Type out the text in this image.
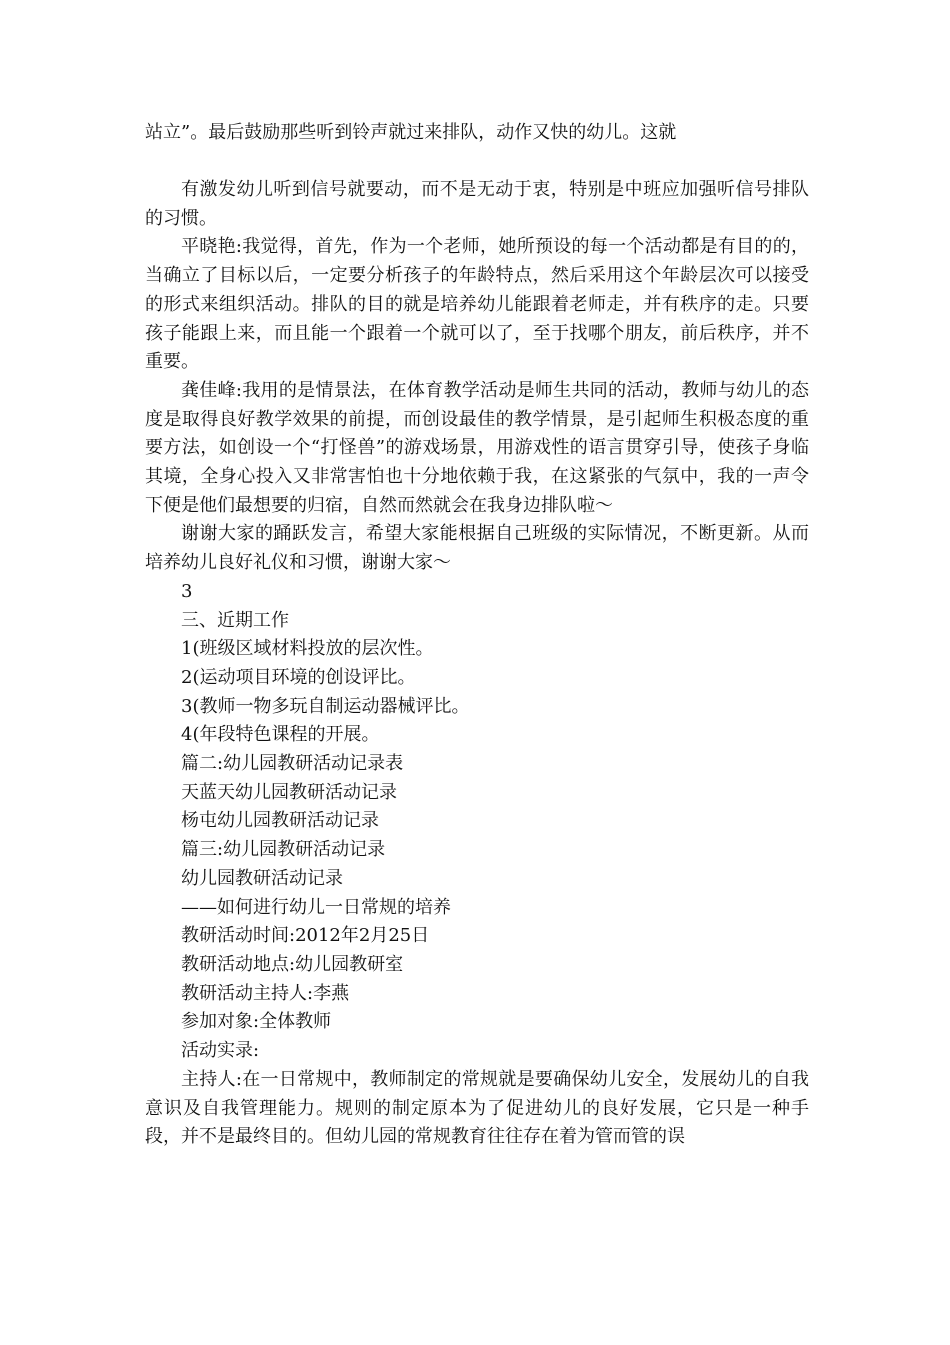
站立”。最后鼓励那些听到铃声就过来排队，动作又快的幼儿。这就

有激发幼儿听到信号就要动，而不是无动于衷，特别是中班应加强听信号排队的习惯。

平晓艳:我觉得，首先，作为一个老师，她所预设的每一个活动都是有目的的，当确立了目标以后，一定要分析孩子的年龄特点，然后采用这个年龄层次可以接受的形式来组织活动。排队的目的就是培养幼儿能跟着老师走，并有秩序的走。只要孩子能跟上来，而且能一个跟着一个就可以了，至于找哪个朋友，前后秩序，并不重要。

龚佳峰:我用的是情景法，在体育教学活动是师生共同的活动，教师与幼儿的态度是取得良好教学效果的前提，而创设最佳的教学情景，是引起师生积极态度的重要方法，如创设一个“打怪兽”的游戏场景，用游戏性的语言贯穿引导，使孩子身临其境，全身心投入又非常害怕也十分地依赖于我，在这紧张的气氛中，我的一声令下便是他们最想要的归宿，自然而然就会在我身边排队啦～

谢谢大家的踊跃发言，希望大家能根据自己班级的实际情况，不断更新。从而培养幼儿良好礼仪和习惯，谢谢大家～

3

三、近期工作

1(班级区域材料投放的层次性。

2(运动项目环境的创设评比。

3(教师一物多玩自制运动器械评比。

4(年段特色课程的开展。

篇二:幼儿园教研活动记录表

天蓝天幼儿园教研活动记录

杨屯幼儿园教研活动记录

篇三:幼儿园教研活动记录

幼儿园教研活动记录

——如何进行幼儿一日常规的培养

教研活动时间:2012年2月25日

教研活动地点:幼儿园教研室

教研活动主持人:李燕

参加对象:全体教师

活动实录:

主持人:在一日常规中，教师制定的常规就是要确保幼儿安全，发展幼儿的自我意识及自我管理能力。规则的制定原本为了促进幼儿的良好发展，它只是一种手段，并不是最终目的。但幼儿园的常规教育往往存在着为管而管的误
